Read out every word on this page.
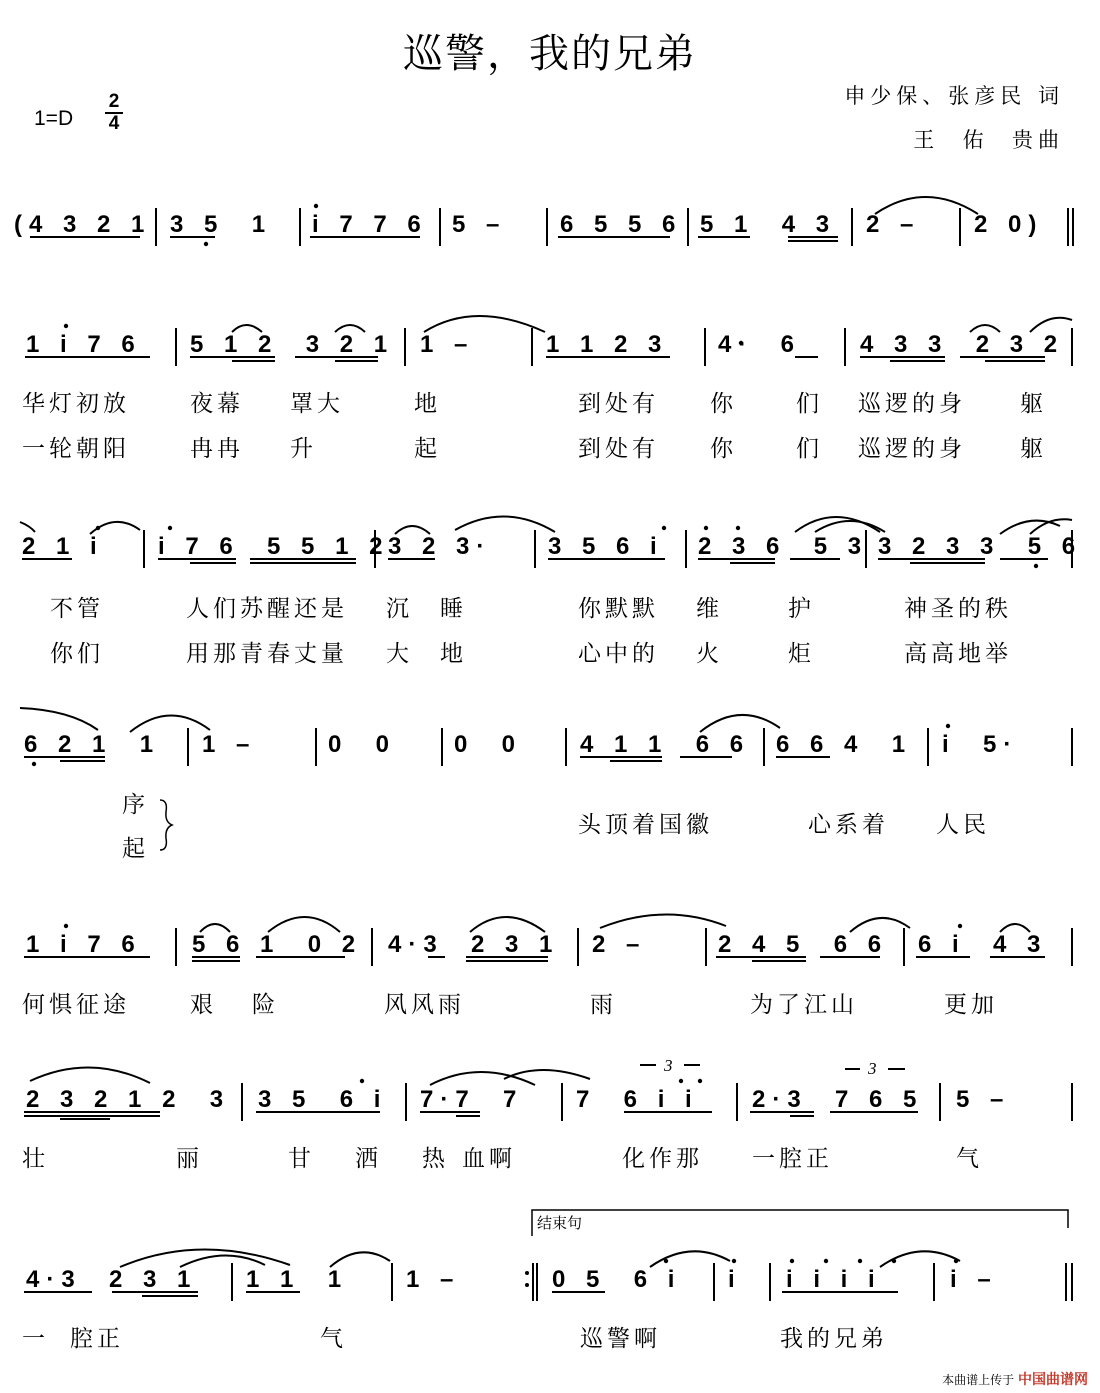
巡警，我的兄弟
1=D
2
4
申少保、张彦民 词
王  佑  贵曲
(4 3 2 1 3 5  1 i 7 7 6 5 – 6 5 5 6 5 1  4 3 2 – 2 0)
1 i 7 6 5 1 2  3 2 1 1 –	1 1 2 3 4·  6 4 3 3  2 3 2
华灯初放	夜幕 罩大	地	到处有 你	们 巡逻的身 躯
一轮朝阳	冉冉 升	起	到处有 你	们 巡逻的身 躯
2 1 i i 7 6  5 5 1 2
3 2 3· 3 5 6 i 2 3 6  5 3 3 2 3 3  5 6
不管	人们苏醒还是 沉 睡	你默默 维	护	神圣的秩
你们	用那青春丈量 大 地	心中的 火	炬	高高地举
6 2 1  1 1 –	0  0 0  0 4 1 1  6 6 6 6 4  1 i  5·
序
起
头顶着国徽	心系着 人民
1 i 7 6 5 6 1  0 2 4·3  2 3 1 2 –	2 4 5  6 6 6 i  4 3
何惧征途	艰 险	风风雨	雨	为了江山	更加
3	3
2 3 2 1 2  3 3 5  6 i 7·7  7 7  6 i i 2·3  7 6 5 5 –
壮	丽	甘 洒 热 血啊	化作那 一腔正	气
结束句
4·3  2 3 1 1 1  1 1 –	0 5  6 i i i i i i	i –
一 腔正	气	巡警啊	我的兄弟
本曲谱上传于 中国曲谱网
